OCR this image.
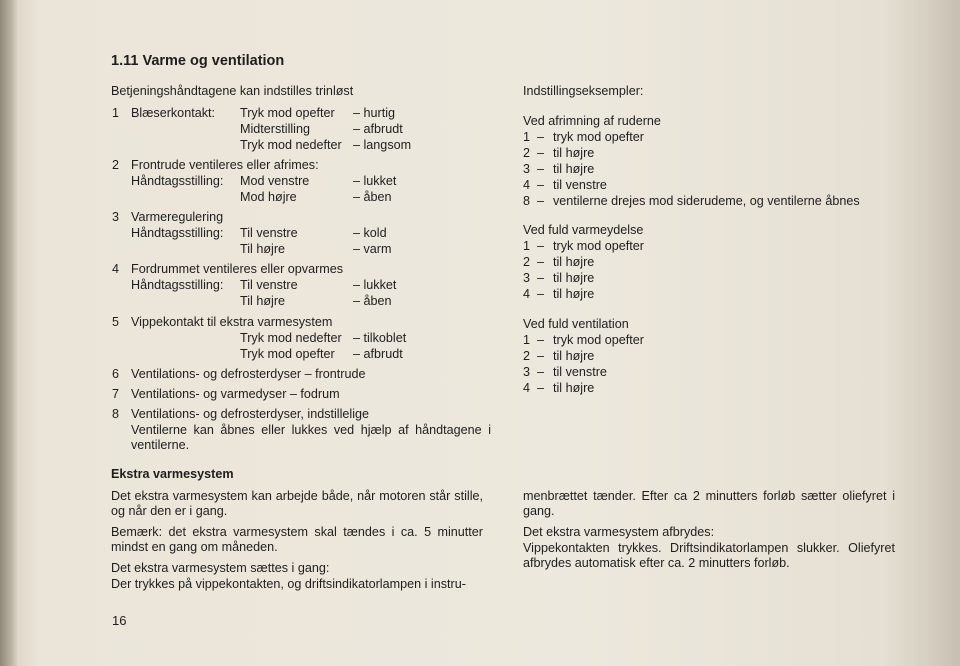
1.11 Varme og ventilation
Betjeningshåndtagene kan indstilles trinløst
1 Blæserkontakt: Tryk mod opefter – hurtig
Midterstilling	– afbrudt
Tryk mod nedefter – langsom
2 Frontrude ventileres eller afrimes:
Håndtagsstilling: Mod venstre	– lukket
Mod højre	– åben
3 Varmeregulering
Håndtagsstilling: Til venstre	– kold
Til højre	– varm
4 Fordrummet ventileres eller opvarmes
Håndtagsstilling: Til venstre	– lukket
Til højre	– åben
5 Vippekontakt til ekstra varmesystem
Tryk mod nedefter – tilkoblet
Tryk mod opefter – afbrudt
6 Ventilations- og defrosterdyser – frontrude
7 Ventilations- og varmedyser – fodrum
8 Ventilations- og defrosterdyser, indstillelige
Ventilerne kan åbnes eller lukkes ved hjælp af håndtagene i ventilerne.
Ekstra varmesystem
Det ekstra varmesystem kan arbejde både, når motoren står stille, og når den er i gang.
Bemærk: det ekstra varmesystem skal tændes i ca. 5 minutter mindst en gang om måneden.
Det ekstra varmesystem sættes i gang:
Der trykkes på vippekontakten, og driftsindikatorlampen i instru-
16
Indstillingseksempler:
Ved afrimning af ruderne
1 – tryk mod opefter
2 – til højre
3 – til højre
4 – til venstre
8 – ventilerne drejes mod siderudeme, og ventilerne åbnes
Ved fuld varmeydelse
1 – tryk mod opefter
2 – til højre
3 – til højre
4 – til højre
Ved fuld ventilation
1 – tryk mod opefter
2 – til højre
3 – til venstre
4 – til højre
menbrættet tænder. Efter ca 2 minutters forløb sætter oliefyret i gang.
Det ekstra varmesystem afbrydes:
Vippekontakten trykkes. Driftsindikatorlampen slukker. Oliefyret afbrydes automatisk efter ca. 2 minutters forløb.
